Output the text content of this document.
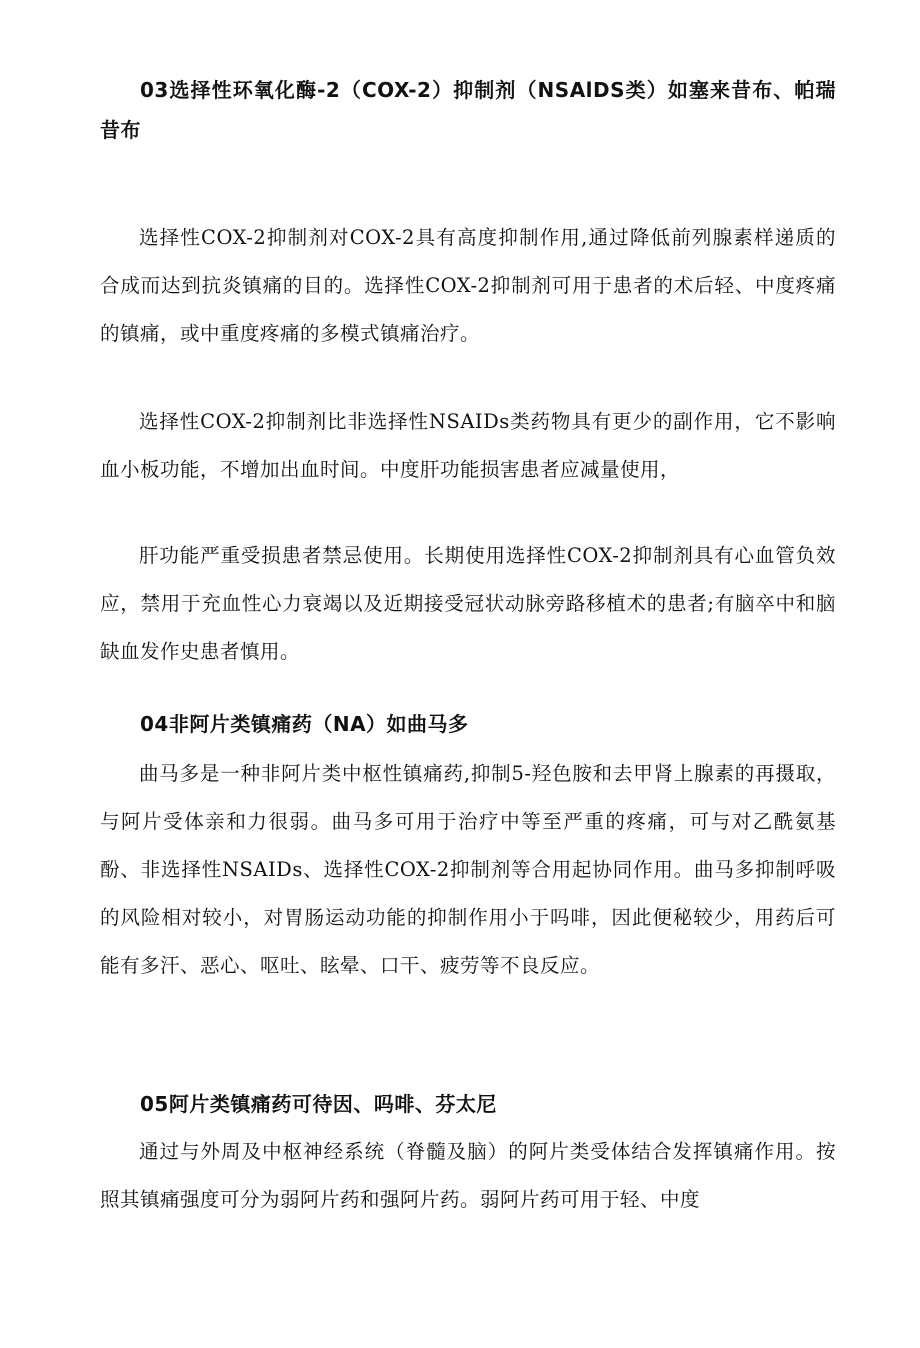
03选择性环氧化酶-2（COX-2）抑制剂（NSAlDS类）如塞来昔布、帕瑞昔布

选择性COX-2抑制剂对COX-2具有高度抑制作用,通过降低前列腺素样递质的合成而达到抗炎镇痛的目的。选择性COX-2抑制剂可用于患者的术后轻、中度疼痛的镇痛，或中重度疼痛的多模式镇痛治疗。

选择性COX-2抑制剂比非选择性NSAIDs类药物具有更少的副作用，它不影响血小板功能，不增加出血时间。中度肝功能损害患者应减量使用，

肝功能严重受损患者禁忌使用。长期使用选择性COX-2抑制剂具有心血管负效应，禁用于充血性心力衰竭以及近期接受冠状动脉旁路移植术的患者;有脑卒中和脑缺血发作史患者慎用。

04非阿片类镇痛药（NA）如曲马多

曲马多是一种非阿片类中枢性镇痛药,抑制5-羟色胺和去甲肾上腺素的再摄取，与阿片受体亲和力很弱。曲马多可用于治疗中等至严重的疼痛，可与对乙酰氨基酚、非选择性NSAIDs、选择性COX-2抑制剂等合用起协同作用。曲马多抑制呼吸的风险相对较小，对胃肠运动功能的抑制作用小于吗啡，因此便秘较少，用药后可能有多汗、恶心、呕吐、眩晕、口干、疲劳等不良反应。

05阿片类镇痛药可待因、吗啡、芬太尼

通过与外周及中枢神经系统（脊髓及脑）的阿片类受体结合发挥镇痛作用。按照其镇痛强度可分为弱阿片药和强阿片药。弱阿片药可用于轻、中度
